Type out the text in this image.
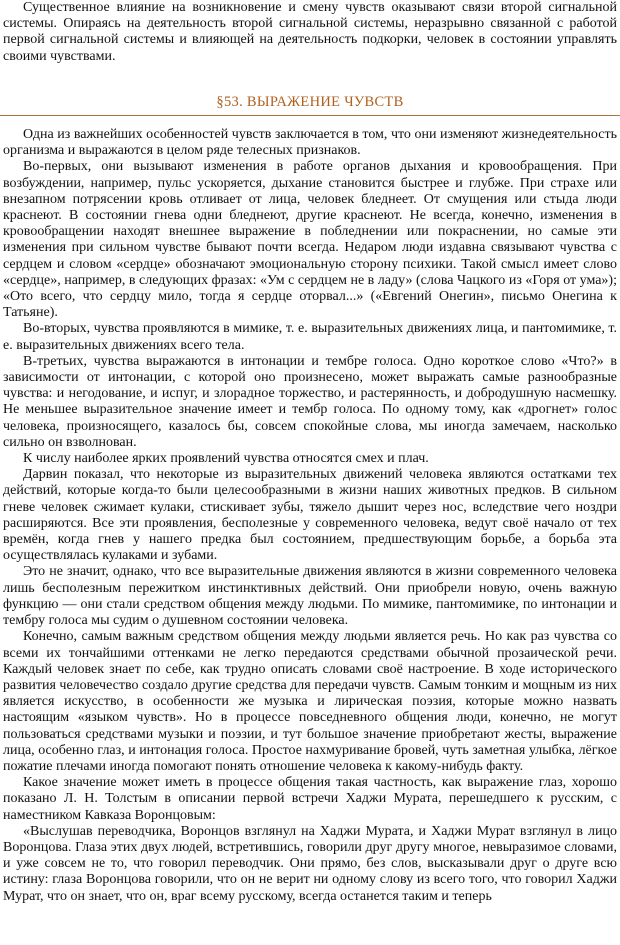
Существенное влияние на возникновение и смену чувств оказывают связи второй сигнальной системы. Опираясь на деятельность второй сигнальной системы, неразрывно связанной с работой первой сигнальной системы и влияющей на деятельность подкорки, человек в состоянии управлять своими чувствами.

§53. ВЫРАЖЕНИЕ ЧУВСТВ

Одна из важнейших особенностей чувств заключается в том, что они изменяют жизнедеятельность организма и выражаются в целом ряде телесных признаков.

Во-первых, они вызывают изменения в работе органов дыхания и кровообращения. При возбуждении, например, пульс ускоряется, дыхание становится быстрее и глубже. При страхе или внезапном потрясении кровь отливает от лица, человек бледнеет. От смущения или стыда люди краснеют. В состоянии гнева одни бледнеют, другие краснеют. Не всегда, конечно, изменения в кровообращении находят внешнее выражение в побледнении или покраснении, но самые эти изменения при сильном чувстве бывают почти всегда. Недаром люди издавна связывают чувства с сердцем и словом «сердце» обозначают эмоциональную сторону психики. Такой смысл имеет слово «сердце», например, в следующих фразах: «Ум с сердцем не в ладу» (слова Чацкого из «Горя от ума»); «Ото всего, что сердцу мило, тогда я сердце оторвал...» («Евгений Онегин», письмо Онегина к Татьяне).

Во-вторых, чувства проявляются в мимике, т. е. выразительных движениях лица, и пантомимике, т. е. выразительных движениях всего тела.

В-третьих, чувства выражаются в интонации и тембре голоса. Одно короткое слово «Что?» в зависимости от интонации, с которой оно произнесено, может выражать самые разнообразные чувства: и негодование, и испуг, и злорадное торжество, и растерянность, и добродушную насмешку. Не меньшее выразительное значение имеет и тембр голоса. По одному тому, как «дрогнет» голос человека, произносящего, казалось бы, совсем спокойные слова, мы иногда замечаем, насколько сильно он взволнован.

К числу наиболее ярких проявлений чувства относятся смех и плач.

Дарвин показал, что некоторые из выразительных движений человека являются остатками тех действий, которые когда-то были целесообразными в жизни наших животных предков. В сильном гневе человек сжимает кулаки, стискивает зубы, тяжело дышит через нос, вследствие чего ноздри расширяются. Все эти проявления, бесполезные у современного человека, ведут своё начало от тех времён, когда гнев у нашего предка был состоянием, предшествующим борьбе, а борьба эта осуществлялась кулаками и зубами.

Это не значит, однако, что все выразительные движения являются в жизни современного человека лишь бесполезным пережитком инстинктивных действий. Они приобрели новую, очень важную функцию — они стали средством общения между людьми. По мимике, пантомимике, по интонации и тембру голоса мы судим о душевном состоянии человека.

Конечно, самым важным средством общения между людьми является речь. Но как раз чувства со всеми их тончайшими оттенками не легко передаются средствами обычной прозаической речи. Каждый человек знает по себе, как трудно описать словами своё настроение. В ходе исторического развития человечество создало другие средства для передачи чувств. Самым тонким и мощным из них является искусство, в особенности же музыка и лирическая поэзия, которые можно назвать настоящим «языком чувств». Но в процессе повседневного общения люди, конечно, не могут пользоваться средствами музыки и поэзии, и тут большое значение приобретают жесты, выражение лица, особенно глаз, и интонация голоса. Простое нахмуривание бровей, чуть заметная улыбка, лёгкое пожатие плечами иногда помогают понять отношение человека к какому-нибудь факту.

Какое значение может иметь в процессе общения такая частность, как выражение глаз, хорошо показано Л. Н. Толстым в описании первой встречи Хаджи Мурата, перешедшего к русским, с наместником Кавказа Воронцовым:

«Выслушав переводчика, Воронцов взглянул на Хаджи Мурата, и Хаджи Мурат взглянул в лицо Воронцова. Глаза этих двух людей, встретившись, говорили друг другу многое, невыразимое словами, и уже совсем не то, что говорил переводчик. Они прямо, без слов, высказывали друг о друге всю истину: глаза Воронцова говорили, что он не верит ни одному слову из всего того, что говорил Хаджи Мурат, что он знает, что он, враг всему русскому, всегда останется таким и теперь
